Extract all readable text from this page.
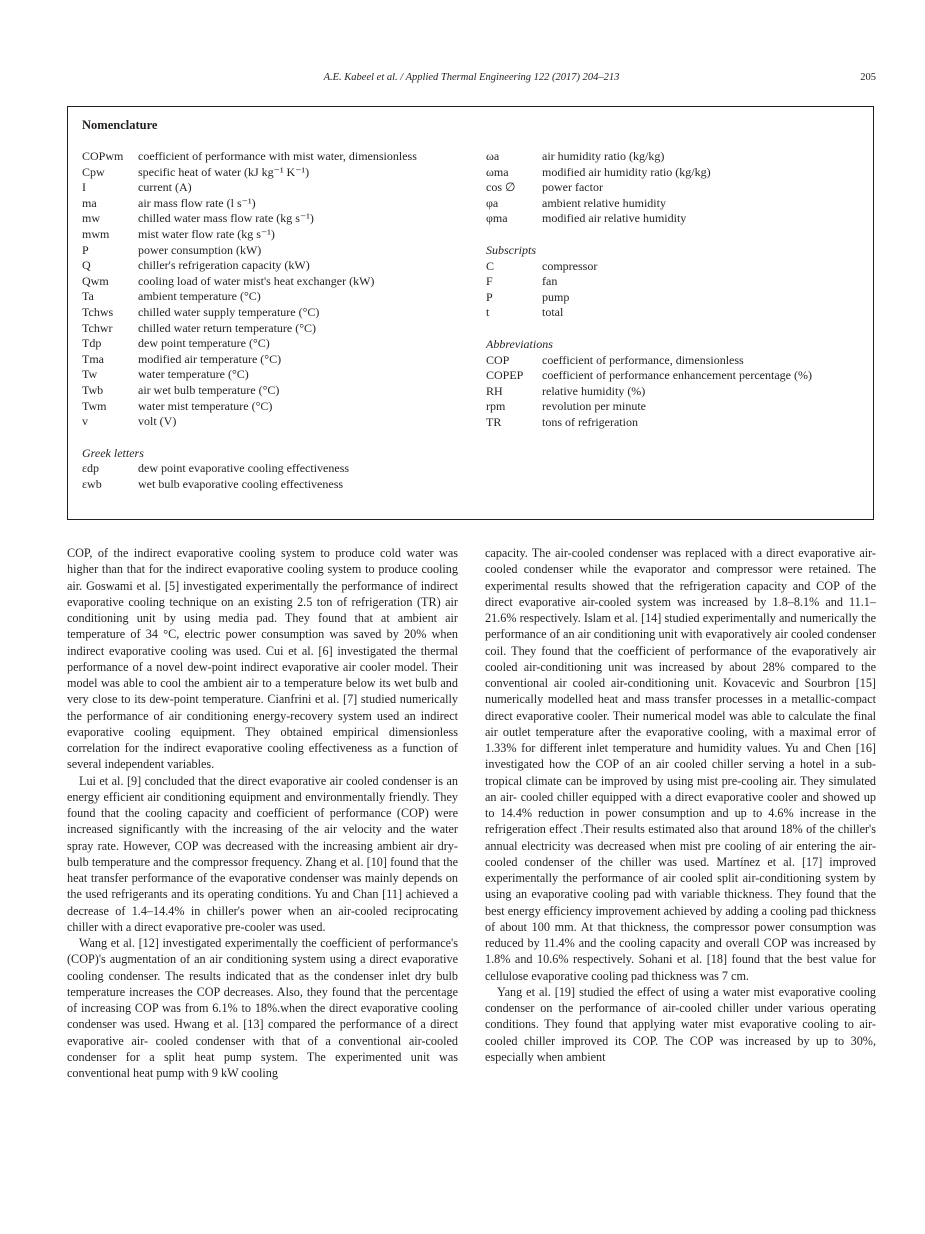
A.E. Kabeel et al. / Applied Thermal Engineering 122 (2017) 204–213	205
Nomenclature
COPwm	coefficient of performance with mist water, dimensionless
Cpw	specific heat of water (kJ kg⁻¹ K⁻¹)
I	current (A)
ma	air mass flow rate (l s⁻¹)
mw	chilled water mass flow rate (kg s⁻¹)
mwm	mist water flow rate (kg s⁻¹)
P	power consumption (kW)
Q	chiller's refrigeration capacity (kW)
Qwm	cooling load of water mist's heat exchanger (kW)
Ta	ambient temperature (°C)
Tchws	chilled water supply temperature (°C)
Tchwr	chilled water return temperature (°C)
Tdp	dew point temperature (°C)
Tma	modified air temperature (°C)
Tw	water temperature (°C)
Twb	air wet bulb temperature (°C)
Twm	water mist temperature (°C)
v	volt (V)
Greek letters
εdp	dew point evaporative cooling effectiveness
εwb	wet bulb evaporative cooling effectiveness
ωa	air humidity ratio (kg/kg)
ωma	modified air humidity ratio (kg/kg)
cos ∅	power factor
φa	ambient relative humidity
φma	modified air relative humidity
Subscripts
C	compressor
F	fan
P	pump
t	total
Abbreviations
COP	coefficient of performance, dimensionless
COPEP	coefficient of performance enhancement percentage (%)
RH	relative humidity (%)
rpm	revolution per minute
TR	tons of refrigeration

COP, of the indirect evaporative cooling system to produce cold water was higher than that for the indirect evaporative cooling system to produce cooling air. Goswami et al. [5] investigated experimentally the performance of indirect evaporative cooling technique on an existing 2.5 ton of refrigeration (TR) air conditioning unit by using media pad. They found that at ambient air temperature of 34 °C, electric power consumption was saved by 20% when indirect evaporative cooling was used. Cui et al. [6] investigated the thermal performance of a novel dew-point indirect evaporative air cooler model. Their model was able to cool the ambient air to a temperature below its wet bulb and very close to its dew-point temperature. Cianfrini et al. [7] studied numerically the performance of air conditioning energy-recovery system used an indirect evaporative cooling equipment. They obtained empirical dimensionless correlation for the indirect evaporative cooling effectiveness as a function of several independent variables.

Lui et al. [9] concluded that the direct evaporative air cooled condenser is an energy efficient air conditioning equipment and environmentally friendly. They found that the cooling capacity and coefficient of performance (COP) were increased significantly with the increasing of the air velocity and the water spray rate. However, COP was decreased with the increasing ambient air dry-bulb temperature and the compressor frequency. Zhang et al. [10] found that the heat transfer performance of the evaporative condenser was mainly depends on the used refrigerants and its operating conditions. Yu and Chan [11] achieved a decrease of 1.4–14.4% in chiller's power when an air-cooled reciprocating chiller with a direct evaporative pre-cooler was used.

Wang et al. [12] investigated experimentally the coefficient of performance's (COP)'s augmentation of an air conditioning system using a direct evaporative cooling condenser. The results indicated that as the condenser inlet dry bulb temperature increases the COP decreases. Also, they found that the percentage of increasing COP was from 6.1% to 18%.when the direct evaporative cooling condenser was used. Hwang et al. [13] compared the performance of a direct evaporative air- cooled condenser with that of a conventional air-cooled condenser for a split heat pump system. The experimented unit was conventional heat pump with 9 kW cooling

capacity. The air-cooled condenser was replaced with a direct evaporative air-cooled condenser while the evaporator and compressor were retained. The experimental results showed that the refrigeration capacity and COP of the direct evaporative air-cooled system was increased by 1.8–8.1% and 11.1–21.6% respectively. Islam et al. [14] studied experimentally and numerically the performance of an air conditioning unit with evaporatively air cooled condenser coil. They found that the coefficient of performance of the evaporatively air cooled air-conditioning unit was increased by about 28% compared to the conventional air cooled air-conditioning unit. Kovacevic and Sourbron [15] numerically modelled heat and mass transfer processes in a metallic-compact direct evaporative cooler. Their numerical model was able to calculate the final air outlet temperature after the evaporative cooling, with a maximal error of 1.33% for different inlet temperature and humidity values. Yu and Chen [16] investigated how the COP of an air cooled chiller serving a hotel in a sub-tropical climate can be improved by using mist pre-cooling air. They simulated an air- cooled chiller equipped with a direct evaporative cooler and showed up to 14.4% reduction in power consumption and up to 4.6% increase in the refrigeration effect .Their results estimated also that around 18% of the chiller's annual electricity was decreased when mist pre cooling of air entering the air-cooled condenser of the chiller was used. Martínez et al. [17] improved experimentally the performance of air cooled split air-conditioning system by using an evaporative cooling pad with variable thickness. They found that the best energy efficiency improvement achieved by adding a cooling pad thickness of about 100 mm. At that thickness, the compressor power consumption was reduced by 11.4% and the cooling capacity and overall COP was increased by 1.8% and 10.6% respectively. Sohani et al. [18] found that the best value for cellulose evaporative cooling pad thickness was 7 cm.

Yang et al. [19] studied the effect of using a water mist evaporative cooling condenser on the performance of air-cooled chiller under various operating conditions. They found that applying water mist evaporative cooling to air-cooled chiller improved its COP. The COP was increased by up to 30%, especially when ambient
